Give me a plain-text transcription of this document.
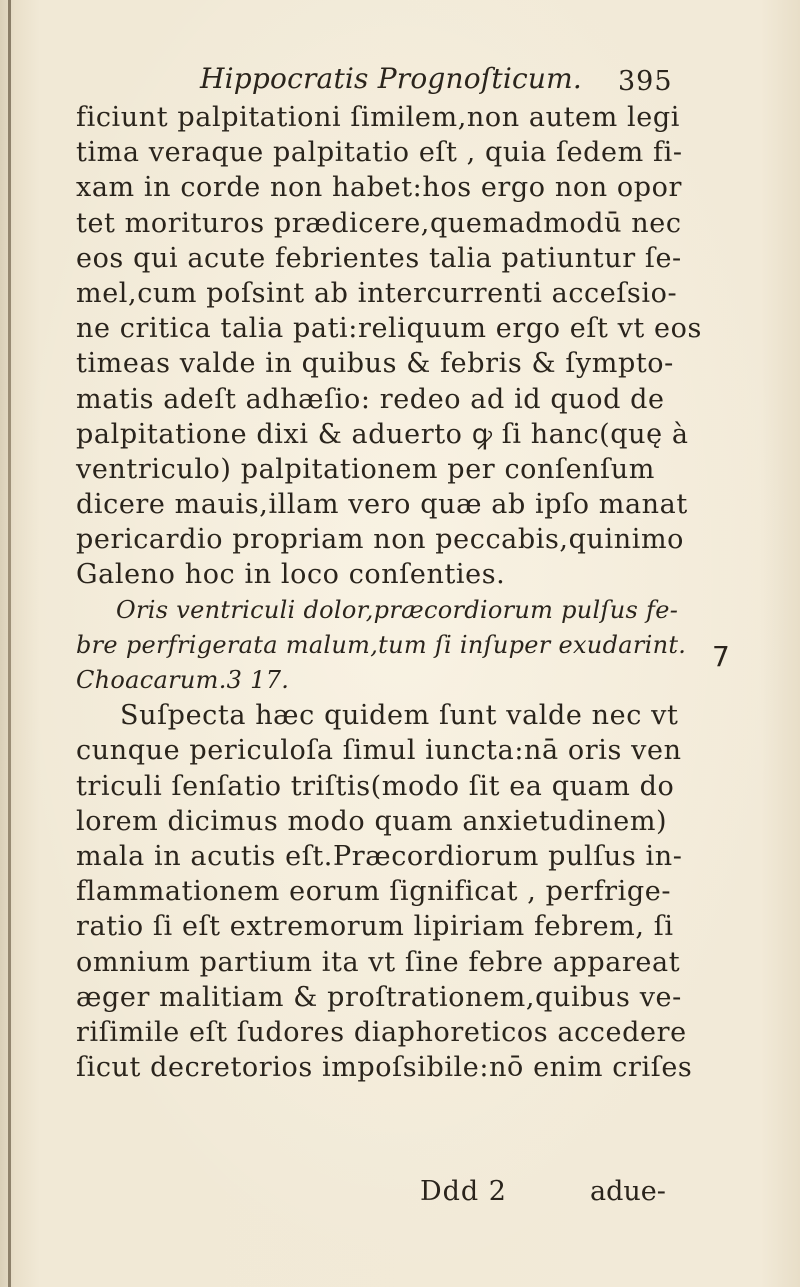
Hippocratis Prognoſticum. 395
ficiunt palpitationi ſimilem,non autem legi
tima veraque palpitatio eſt , quia ſedem fi-
xam in corde non habet:hos ergo non opor
tet morituros prædicere,quemadmodū nec
eos qui acute febrientes talia patiuntur ſe-
mel,cum poſsint ab intercurrenti acceſsio-
ne critica talia pati:reliquum ergo eſt vt eos
timeas valde in quibus & febris & ſympto-
matis adeſt adhæſio: redeo ad id quod de
palpitatione dixi & aduerto ꝙ ſi hanc(quę à
ventriculo) palpitationem per conſenſum
dicere mauis,illam vero quæ ab ipſo manat
pericardio propriam non peccabis,quinimo
Galeno hoc in loco conſenties.
Oris ventriculi dolor,præcordiorum pulſus fe-
bre perfrigerata malum,tum ſi inſuper exudarint.
Choacarum.3 17.
Suſpecta hæc quidem ſunt valde nec vt
cunque periculoſa ſimul iuncta:nā oris ven
triculi ſenſatio triſtis(modo ſit ea quam do
lorem dicimus modo quam anxietudinem)
mala in acutis eſt.Præcordiorum pulſus in-
flammationem eorum ſignificat , perfrige-
ratio ſi eſt extremorum lipiriam febrem, ſi
omnium partium ita vt ſine febre appareat
æger malitiam & proſtrationem,quibus ve-
riſimile eſt ſudores diaphoreticos accedere
ſicut decretorios impoſsibile:nō enim criſes
7
Ddd 2	adue-
